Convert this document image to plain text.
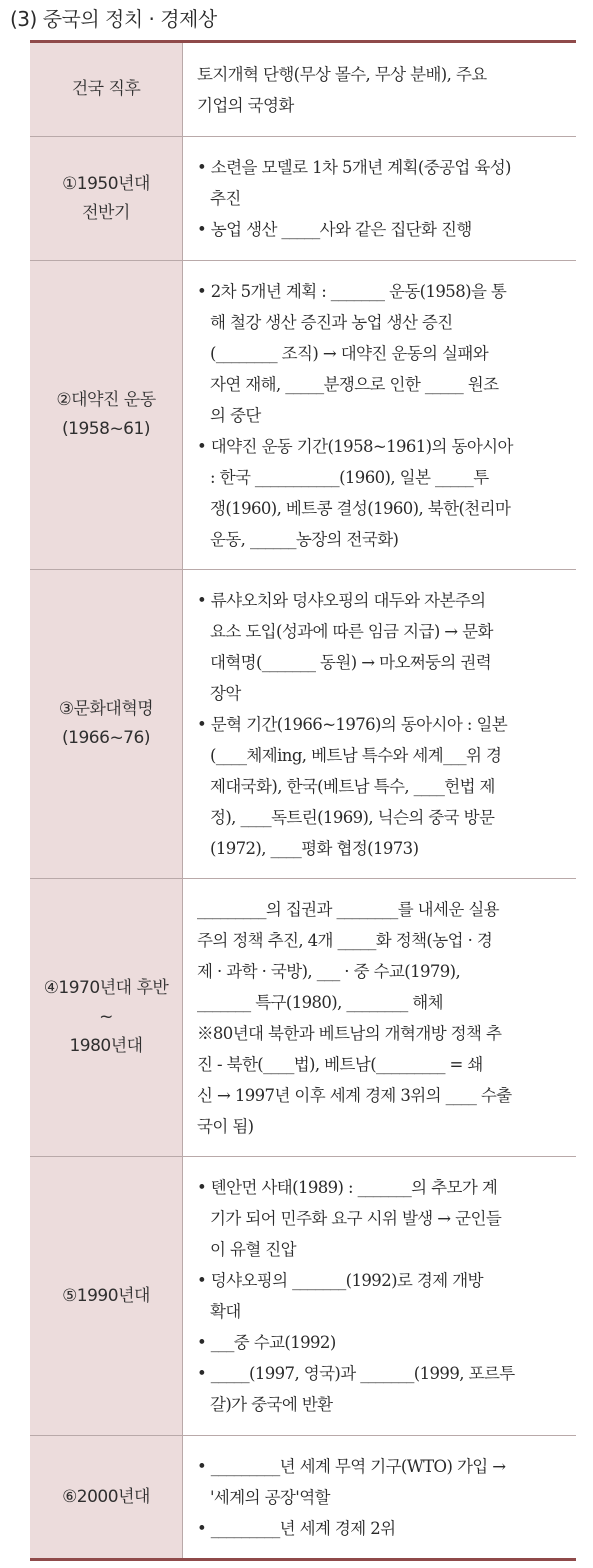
(3) 중국의 정치 · 경제상
건국 직후
토지개혁 단행(무상 몰수, 무상 분배), 주요
기업의 국영화
①1950년대
전반기
• 소련을 모델로 1차 5개년 계획(중공업 육성)
추진
• 농업 생산 _____사와 같은 집단화 진행
②대약진 운동
(1958~61)
• 2차 5개년 계획 : _______ 운동(1958)을 통
해 철강 생산 증진과 농업 생산 증진
(________ 조직) → 대약진 운동의 실패와
자연 재해, _____분쟁으로 인한 _____ 원조
의 중단
• 대약진 운동 기간(1958~1961)의 동아시아
: 한국 ___________(1960), 일본 _____투
쟁(1960), 베트콩 결성(1960), 북한(천리마
운동, ______농장의 전국화)
③문화대혁명
(1966~76)
• 류샤오치와 덩샤오핑의 대두와 자본주의
요소 도입(성과에 따른 임금 지급) → 문화
대혁명(_______ 동원) → 마오쩌둥의 권력
장악
• 문혁 기간(1966~1976)의 동아시아 : 일본
(____체제ing, 베트남 특수와 세계___위 경
제대국화), 한국(베트남 특수, ____헌법 제
정), ____독트린(1969), 닉슨의 중국 방문
(1972), ____평화 협정(1973)
④1970년대 후반
~
1980년대
_________의 집권과 ________를 내세운 실용
주의 정책 추진, 4개 _____화 정책(농업 · 경
제 · 과학 · 국방), ___ · 중 수교(1979),
_______ 특구(1980), ________ 해체
※80년대 북한과 베트남의 개혁개방 정책 추
진 - 북한(____법), 베트남(_________ = 쇄
신 → 1997년 이후 세계 경제 3위의 ____ 수출
국이 됨)
⑤1990년대
• 톈안먼 사태(1989) : _______의 추모가 계
기가 되어 민주화 요구 시위 발생 → 군인들
이 유혈 진압
• 덩샤오핑의 _______(1992)로 경제 개방
확대
• ___중 수교(1992)
• _____(1997, 영국)과 _______(1999, 포르투
갈)가 중국에 반환
⑥2000년대
• _________년 세계 무역 기구(WTO) 가입 →
'세계의 공장'역할
• _________년 세계 경제 2위
